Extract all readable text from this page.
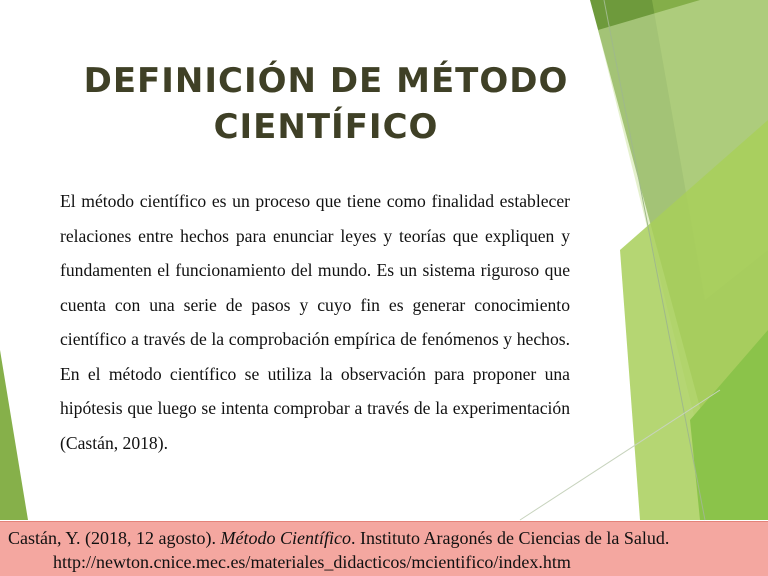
DEFINICIÓN DE MÉTODO CIENTÍFICO

El método científico es un proceso que tiene como finalidad establecer relaciones entre hechos para enunciar leyes y teorías que expliquen y fundamenten el funcionamiento del mundo. Es un sistema riguroso que cuenta con una serie de pasos y cuyo fin es generar conocimiento científico a través de la comprobación empírica de fenómenos y hechos. En el método científico se utiliza la observación para proponer una hipótesis que luego se intenta comprobar a través de la experimentación (Castán, 2018).

Castán, Y. (2018, 12 agosto). Método Científico. Instituto Aragonés de Ciencias de la Salud.
http://newton.cnice.mec.es/materiales_didacticos/mcientifico/index.htm
